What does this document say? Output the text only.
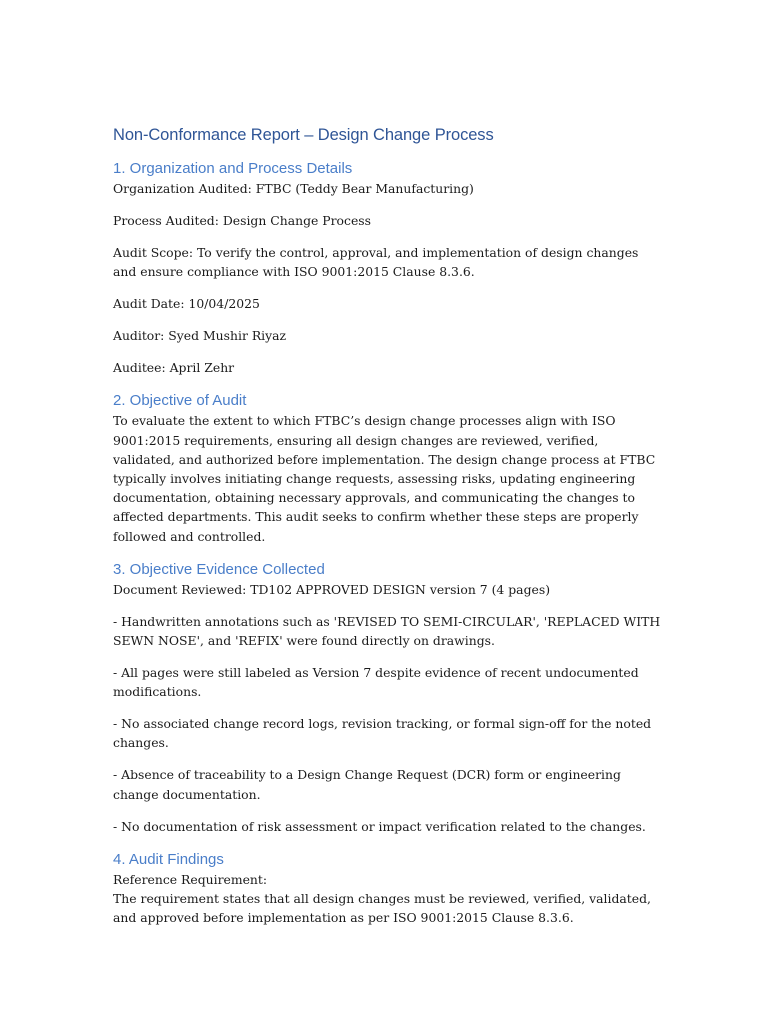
Non-Conformance Report – Design Change Process
1. Organization and Process Details

Organization Audited: FTBC (Teddy Bear Manufacturing)

Process Audited: Design Change Process

Audit Scope: To verify the control, approval, and implementation of design changes and ensure compliance with ISO 9001:2015 Clause 8.3.6.

Audit Date: 10/04/2025

Auditor: Syed Mushir Riyaz

Auditee: April Zehr

2. Objective of Audit

To evaluate the extent to which FTBC’s design change processes align with ISO 9001:2015 requirements, ensuring all design changes are reviewed, verified, validated, and authorized before implementation. The design change process at FTBC typically involves initiating change requests, assessing risks, updating engineering documentation, obtaining necessary approvals, and communicating the changes to affected departments. This audit seeks to confirm whether these steps are properly followed and controlled.

3. Objective Evidence Collected

Document Reviewed: TD102 APPROVED DESIGN version 7 (4 pages)

- Handwritten annotations such as 'REVISED TO SEMI-CIRCULAR', 'REPLACED WITH SEWN NOSE', and 'REFIX' were found directly on drawings.

- All pages were still labeled as Version 7 despite evidence of recent undocumented modifications.

- No associated change record logs, revision tracking, or formal sign-off for the noted changes.

- Absence of traceability to a Design Change Request (DCR) form or engineering change documentation.

- No documentation of risk assessment or impact verification related to the changes.

4. Audit Findings

Reference Requirement:

The requirement states that all design changes must be reviewed, verified, validated, and approved before implementation as per ISO 9001:2015 Clause 8.3.6.
